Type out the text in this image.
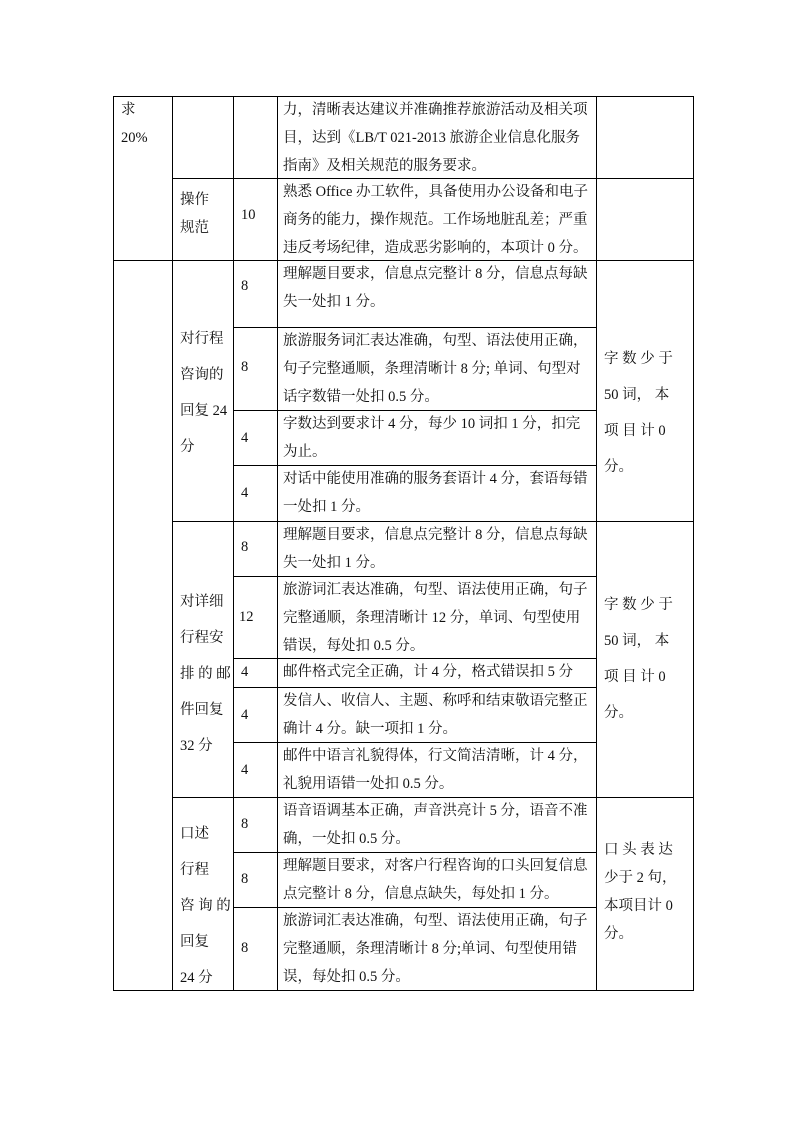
求
20%
力，清晰表达建议并准确推荐旅游活动及相关项目，达到《LB/T 021-2013 旅游企业信息化服务指南》及相关规范的服务要求。
操作
规范
10
熟悉 Office 办工软件，具备使用办公设备和电子商务的能力，操作规范。工作场地脏乱差；严重违反考场纪律，造成恶劣影响的，本项计 0 分。
对行程
咨询的
回复 24
分
8
理解题目要求，信息点完整计 8 分，信息点每缺失一处扣 1 分。
8
旅游服务词汇表达准确，句型、语法使用正确，句子完整通顺，条理清晰计 8 分; 单词、句型对话字数错一处扣 0.5 分。
4
字数达到要求计 4 分，每少 10 词扣 1 分，扣完为止。
4
对话中能使用准确的服务套语计 4 分，套语每错一处扣 1 分。
字 数 少 于
50 词， 本
项 目 计 0
分。
对详细
行程安
排 的 邮
件回复
32 分
8
理解题目要求，信息点完整计 8 分，信息点每缺失一处扣 1 分。
12
旅游词汇表达准确，句型、语法使用正确，句子完整通顺，条理清晰计 12 分，单词、句型使用错误，每处扣 0.5 分。
4 邮件格式完全正确，计 4 分，格式错误扣 5 分
4
发信人、收信人、主题、称呼和结束敬语完整正确计 4 分。缺一项扣 1 分。
4
邮件中语言礼貌得体，行文简洁清晰，计 4 分，礼貌用语错一处扣 0.5 分。
字 数 少 于
50 词， 本
项 目 计 0
分。
口述
行程
咨 询 的
回复
24 分
8
语音语调基本正确，声音洪亮计 5 分，语音不准确，一处扣 0.5 分。
8
理解题目要求，对客户行程咨询的口头回复信息点完整计 8 分，信息点缺失，每处扣 1 分。
8
旅游词汇表达准确，句型、语法使用正确，句子完整通顺，条理清晰计 8 分;单词、句型使用错误，每处扣 0.5 分。
口 头 表 达
少于 2 句，
本项目计 0
分。
